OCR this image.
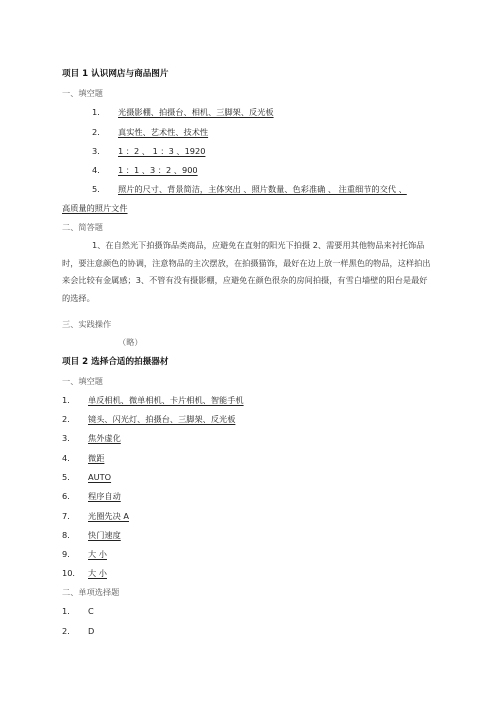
项目 1 认识网店与商品图片
一、填空题
1. 光摄影棚、拍摄台、相机、三脚架、反光板
2. 真实性、艺术性、技术性
3. 1 ：2 、 1 ：3 、1920
4. 1 ：1 、3 ：2 、900
5. 照片的尺寸、背景简洁，主体突出 、照片数量、色彩准确 、 注重细节的交代 、
高质量的照片文件
二、简答题
1、在自然光下拍摄饰品类商品，应避免在直射的阳光下拍摄 2、需要用其他物品来衬托饰品时，要注意颜色的协调，注意物品的主次摆放，在拍摄猫饰，最好在边上放一样黑色的物品，这样拍出来会比较有金属感；3、不管有没有摄影棚，应避免在颜色很杂的房间拍摄，有雪白墙壁的阳台是最好的选择。
三、实践操作
（略）
项目 2 选择合适的拍摄器材
一、填空题
1. 单反相机、微单相机、卡片相机、智能手机
2. 镜头、闪光灯、拍摄台、三脚架、反光板
3. 焦外虚化
4. 微距
5. AUTO
6. 程序自动
7. 光圈先决 A
8. 快门速度
9. 大 小
10. 大 小
二、单项选择题
1. C
2. D
